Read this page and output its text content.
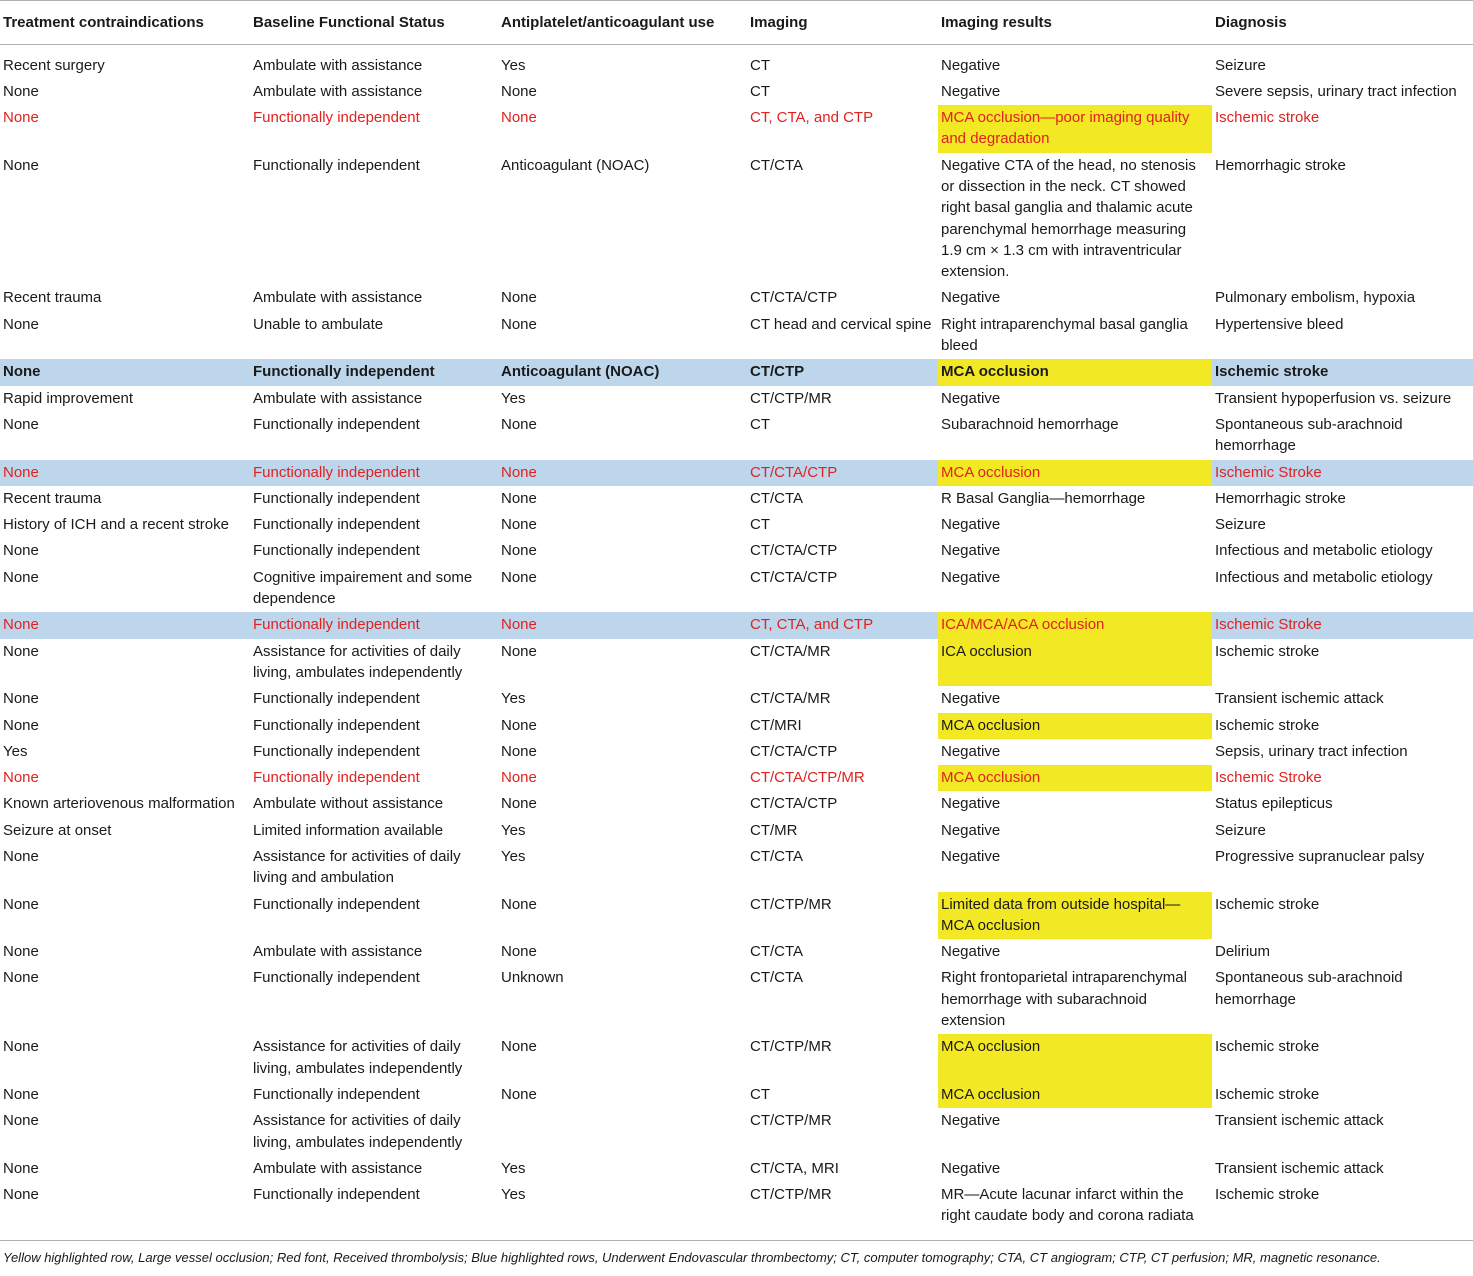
Treatment contraindications	Baseline Functional Status	Antiplatelet/anticoagulant use	Imaging	Imaging results	Diagnosis
Recent surgery	Ambulate with assistance	Yes	CT	Negative	Seizure
None	Ambulate with assistance	None	CT	Negative	Severe sepsis, urinary tract infection
None	Functionally independent	None	CT, CTA, and CTP	MCA occlusion—poor imaging quality and degradation	Ischemic stroke
None	Functionally independent	Anticoagulant (NOAC)	CT/CTA	Negative CTA of the head, no stenosis or dissection in the neck. CT showed right basal ganglia and thalamic acute parenchymal hemorrhage measuring 1.9 cm × 1.3 cm with intraventricular extension.	Hemorrhagic stroke
Recent trauma	Ambulate with assistance	None	CT/CTA/CTP	Negative	Pulmonary embolism, hypoxia
None	Unable to ambulate	None	CT head and cervical spine	Right intraparenchymal basal ganglia bleed	Hypertensive bleed
None	Functionally independent	Anticoagulant (NOAC)	CT/CTP	MCA occlusion	Ischemic stroke
Rapid improvement	Ambulate with assistance	Yes	CT/CTP/MR	Negative	Transient hypoperfusion vs. seizure
None	Functionally independent	None	CT	Subarachnoid hemorrhage	Spontaneous sub-arachnoid hemorrhage
None	Functionally independent	None	CT/CTA/CTP	MCA occlusion	Ischemic Stroke
Recent trauma	Functionally independent	None	CT/CTA	R Basal Ganglia—hemorrhage	Hemorrhagic stroke
History of ICH and a recent stroke	Functionally independent	None	CT	Negative	Seizure
None	Functionally independent	None	CT/CTA/CTP	Negative	Infectious and metabolic etiology
None	Cognitive impairement and some dependence	None	CT/CTA/CTP	Negative	Infectious and metabolic etiology
None	Functionally independent	None	CT, CTA, and CTP	ICA/MCA/ACA occlusion	Ischemic Stroke
None	Assistance for activities of daily living, ambulates independently	None	CT/CTA/MR	ICA occlusion	Ischemic stroke
None	Functionally independent	Yes	CT/CTA/MR	Negative	Transient ischemic attack
None	Functionally independent	None	CT/MRI	MCA occlusion	Ischemic stroke
Yes	Functionally independent	None	CT/CTA/CTP	Negative	Sepsis, urinary tract infection
None	Functionally independent	None	CT/CTA/CTP/MR	MCA occlusion	Ischemic Stroke
Known arteriovenous malformation	Ambulate without assistance	None	CT/CTA/CTP	Negative	Status epilepticus
Seizure at onset	Limited information available	Yes	CT/MR	Negative	Seizure
None	Assistance for activities of daily living and ambulation	Yes	CT/CTA	Negative	Progressive supranuclear palsy
None	Functionally independent	None	CT/CTP/MR	Limited data from outside hospital—MCA occlusion	Ischemic stroke
None	Ambulate with assistance	None	CT/CTA	Negative	Delirium
None	Functionally independent	Unknown	CT/CTA	Right frontoparietal intraparenchymal hemorrhage with subarachnoid extension	Spontaneous sub-arachnoid hemorrhage
None	Assistance for activities of daily living, ambulates independently	None	CT/CTP/MR	MCA occlusion	Ischemic stroke
None	Functionally independent	None	CT	MCA occlusion	Ischemic stroke
None	Assistance for activities of daily living, ambulates independently		CT/CTP/MR	Negative	Transient ischemic attack
None	Ambulate with assistance	Yes	CT/CTA, MRI	Negative	Transient ischemic attack
None	Functionally independent	Yes	CT/CTP/MR	MR—Acute lacunar infarct within the right caudate body and corona radiata	Ischemic stroke
Yellow highlighted row, Large vessel occlusion; Red font, Received thrombolysis; Blue highlighted rows, Underwent Endovascular thrombectomy; CT, computer tomography; CTA, CT angiogram; CTP, CT perfusion; MR, magnetic resonance.
